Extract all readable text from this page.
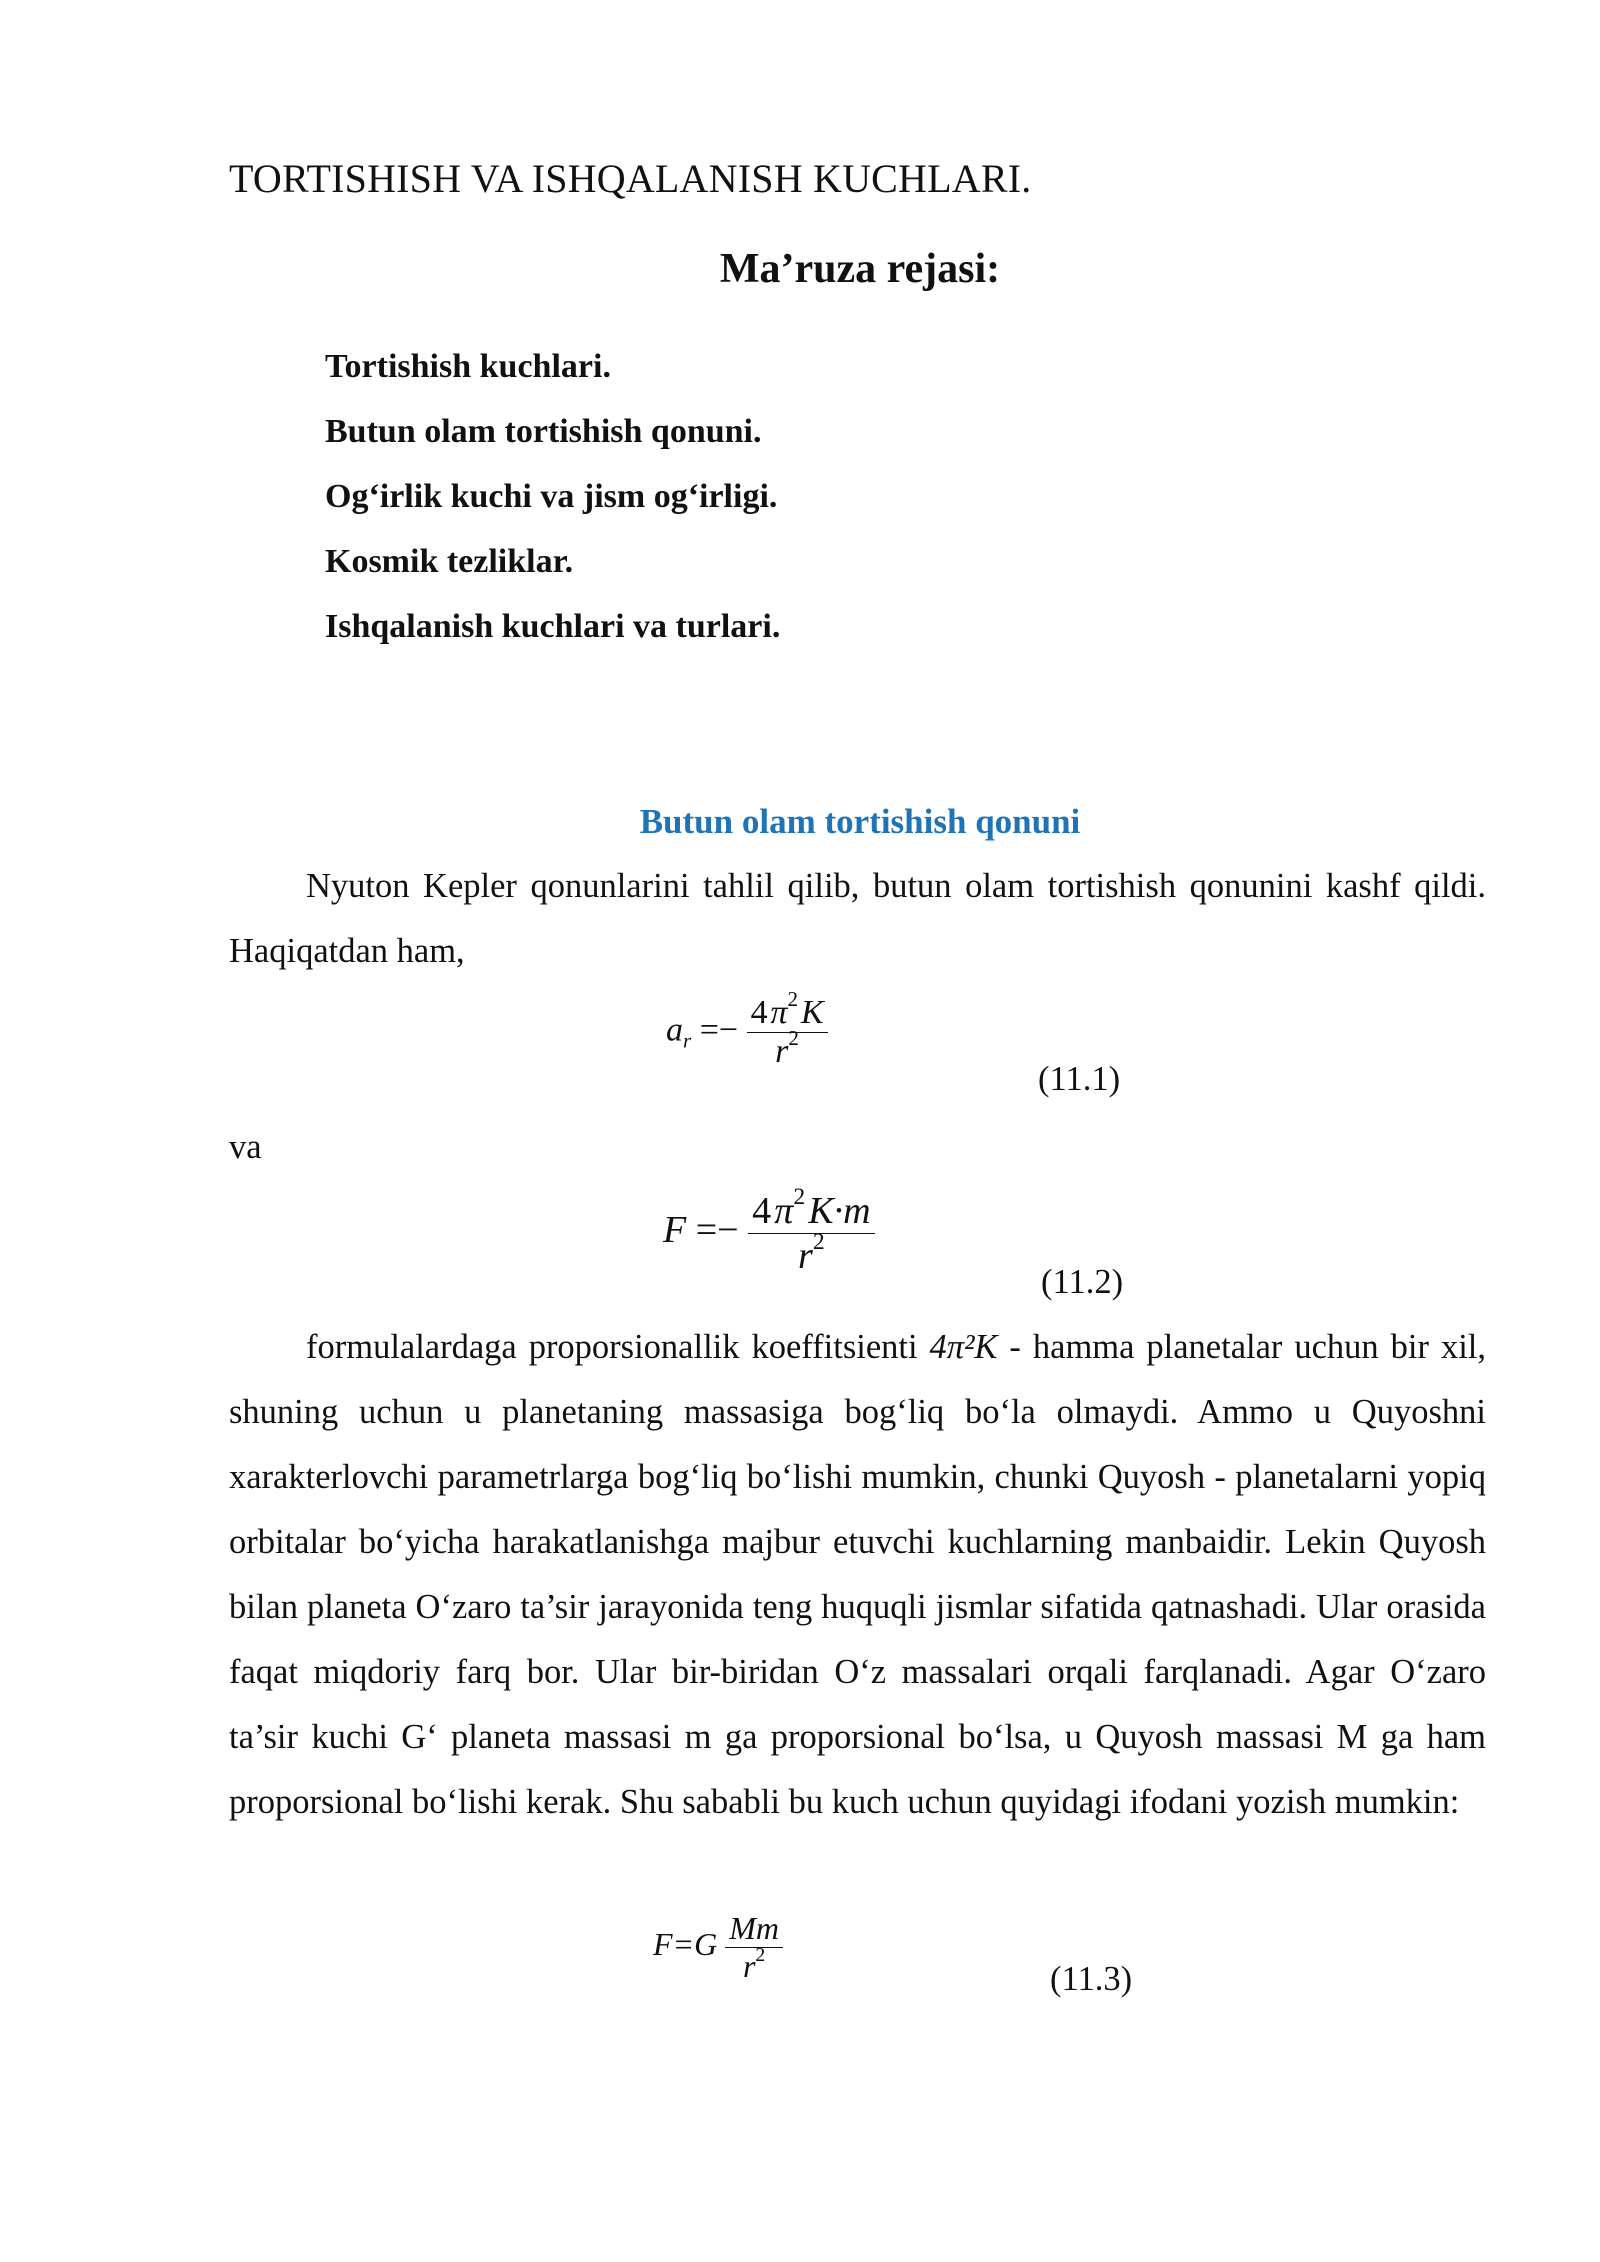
TORTISHISH VA ISHQALANISH KUCHLARI.
Ma’ruza rejasi:
Tortishish kuchlari.
Butun olam tortishish qonuni.
Og‘irlik kuchi va jism og‘irligi.
Kosmik tezliklar.
Ishqalanish kuchlari va turlari.
Butun olam tortishish qonuni
Nyuton Kepler qonunlarini tahlil qilib, butun olam tortishish qonunini kashf qildi. Haqiqatdan ham,
$a_r =- \frac{4 \pi^2 K}{r^2}$
(11.1)
va
$F =- \frac{4 \pi^2 K\cdot m}{r^2}$
(11.2)
formulalardaga proporsionallik koeffitsienti 4π²K - hamma planetalar uchun bir xil, shuning uchun u planetaning massasiga bog‘liq bo‘la olmaydi. Ammo u Quyoshni xarakterlovchi parametrlarga bog‘liq bo‘lishi mumkin, chunki Quyosh - planetalarni yopiq orbitalar bo‘yicha harakatlanishga majbur etuvchi kuchlarning manbaidir. Lekin Quyosh bilan planeta O‘zaro ta’sir jarayonida teng huquqli jismlar sifatida qatnashadi. Ular orasida faqat miqdoriy farq bor. Ular bir-biridan O‘z massalari orqali farqlanadi. Agar O‘zaro ta’sir kuchi G‘ planeta massasi m ga proporsional bo‘lsa, u Quyosh massasi M ga ham proporsional bo‘lishi kerak. Shu sababli bu kuch uchun quyidagi ifodani yozish mumkin:
$F=G \frac{Mm}{r^2}$	(11.3)
